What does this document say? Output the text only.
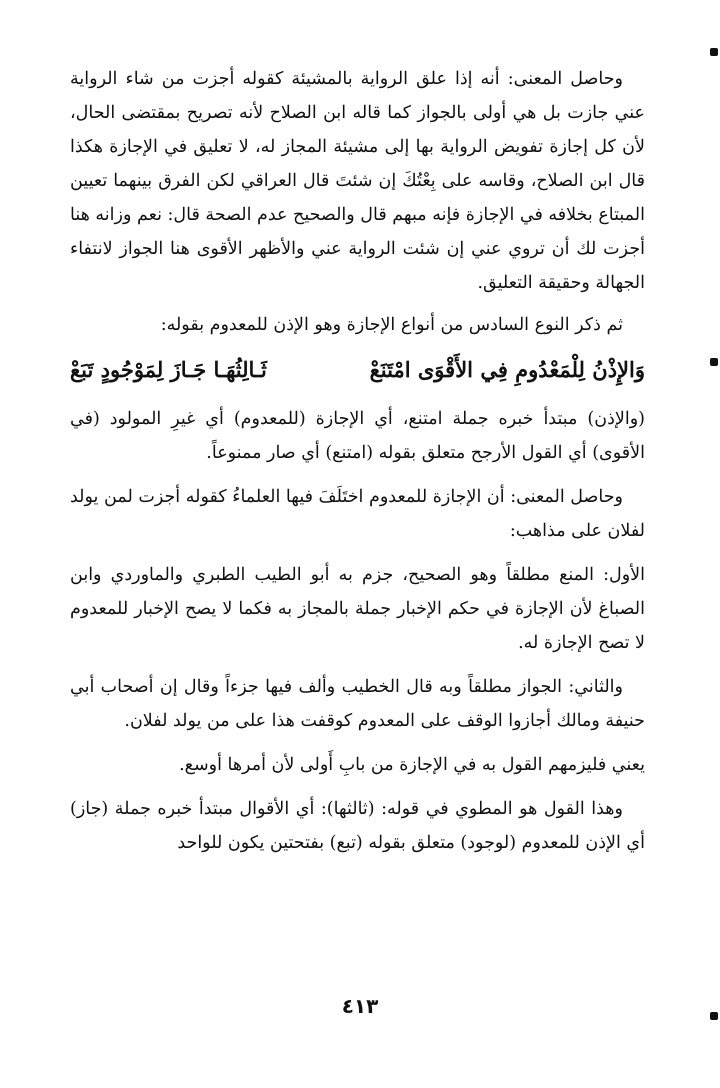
وحاصل المعنى: أنه إذا علق الرواية بالمشيئة كقوله أجزت من شاء الرواية عني جازت بل هي أولى بالجواز كما قاله ابن الصلاح لأنه تصريح بمقتضى الحال، لأن كل إجازة تفويض الرواية بها إلى مشيئة المجاز له، لا تعليق في الإجازة هكذا قال ابن الصلاح، وقاسه على بِعْتُكَ إن شئتَ قال العراقي لكن الفرق بينهما تعيين المبتاع بخلافه في الإجازة فإنه مبهم قال والصحيح عدم الصحة قال: نعم وزانه هنا أجزت لك أن تروي عني إن شئت الرواية عني والأظهر الأقوى هنا الجواز لانتفاء الجهالة وحقيقة التعليق.

ثم ذكر النوع السادس من أنواع الإجازة وهو الإذن للمعدوم بقوله:

وَالإِذْنُ لِلْمَعْدُومِ فِي الأَقْوَى امْتَنَعْ
ثَـالِثُهَـا جَـازَ لِمَوْجُودٍ تَبَعْ

(والإذن) مبتدأ خبره جملة امتنع، أي الإجازة (للمعدوم) أي غيرِ المولود (في الأقوى) أي القول الأرجح متعلق بقوله (امتنع) أي صار ممنوعاً.

وحاصل المعنى: أن الإجازة للمعدوم اختَلَفَ فيها العلماءُ كقوله أجزت لمن يولد لفلان على مذاهب:

الأول: المنع مطلقاً وهو الصحيح، جزم به أبو الطيب الطبري والماوردي وابن الصباغ لأن الإجازة في حكم الإخبار جملة بالمجاز به فكما لا يصح الإخبار للمعدوم لا تصح الإجازة له.

والثاني: الجواز مطلقاً وبه قال الخطيب وألف فيها جزءاً وقال إن أصحاب أبي حنيفة ومالك أجازوا الوقف على المعدوم كوقفت هذا على من يولد لفلان.

يعني فليزمهم القول به في الإجازة من بابِ أَولى لأن أمرها أوسع.

وهذا القول هو المطوي في قوله: (ثالثها): أي الأقوال مبتدأ خبره جملة (جاز) أي الإذن للمعدوم (لوجود) متعلق بقوله (تبع) بفتحتين يكون للواحد

٤١٣
